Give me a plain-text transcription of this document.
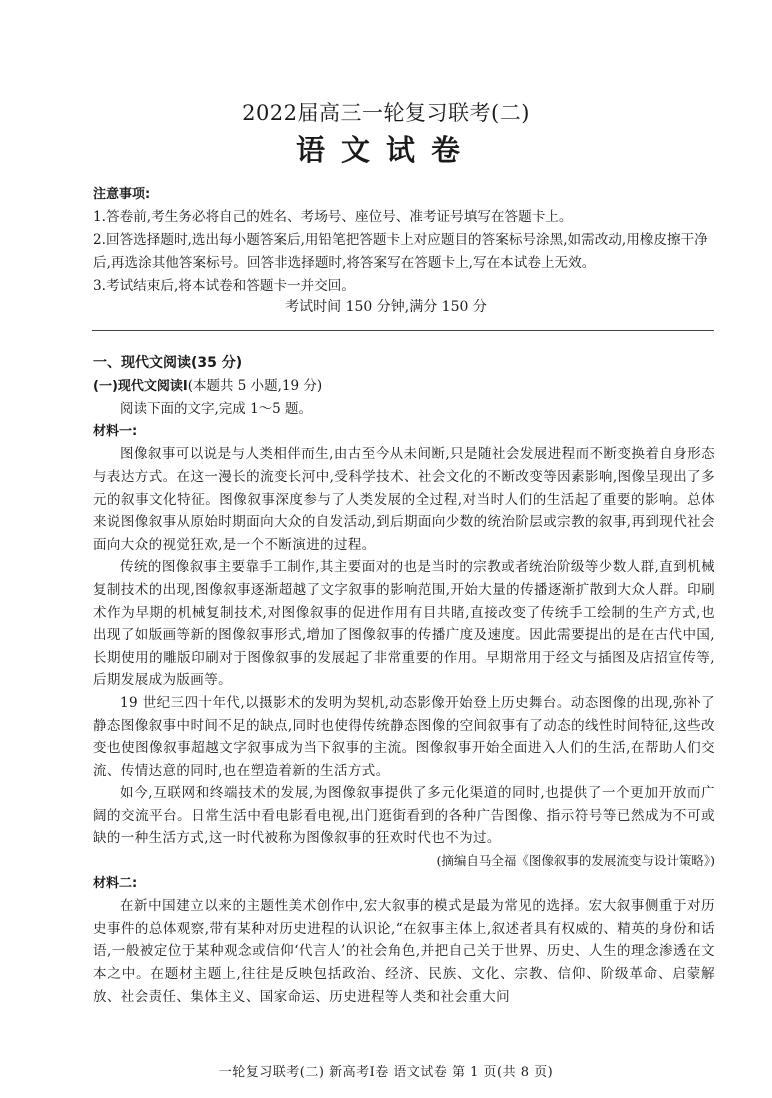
2022届高三一轮复习联考(二)
语文试卷

注意事项:

1.答卷前,考生务必将自己的姓名、考场号、座位号、准考证号填写在答题卡上。

2.回答选择题时,选出每小题答案后,用铅笔把答题卡上对应题目的答案标号涂黑,如需改动,用橡皮擦干净后,再选涂其他答案标号。回答非选择题时,将答案写在答题卡上,写在本试卷上无效。

3.考试结束后,将本试卷和答题卡一并交回。

考试时间 150 分钟,满分 150 分

一、现代文阅读(35 分)

(一)现代文阅读Ⅰ(本题共 5 小题,19 分)

阅读下面的文字,完成 1～5 题。

材料一:

图像叙事可以说是与人类相伴而生,由古至今从未间断,只是随社会发展进程而不断变换着自身形态与表达方式。在这一漫长的流变长河中,受科学技术、社会文化的不断改变等因素影响,图像呈现出了多元的叙事文化特征。图像叙事深度参与了人类发展的全过程,对当时人们的生活起了重要的影响。总体来说图像叙事从原始时期面向大众的自发活动,到后期面向少数的统治阶层或宗教的叙事,再到现代社会面向大众的视觉狂欢,是一个不断演进的过程。

传统的图像叙事主要靠手工制作,其主要面对的也是当时的宗教或者统治阶级等少数人群,直到机械复制技术的出现,图像叙事逐渐超越了文字叙事的影响范围,开始大量的传播逐渐扩散到大众人群。印刷术作为早期的机械复制技术,对图像叙事的促进作用有目共睹,直接改变了传统手工绘制的生产方式,也出现了如版画等新的图像叙事形式,增加了图像叙事的传播广度及速度。因此需要提出的是在古代中国,长期使用的雕版印刷对于图像叙事的发展起了非常重要的作用。早期常用于经文与插图及店招宣传等,后期发展成为版画等。

19 世纪三四十年代,以摄影术的发明为契机,动态影像开始登上历史舞台。动态图像的出现,弥补了静态图像叙事中时间不足的缺点,同时也使得传统静态图像的空间叙事有了动态的线性时间特征,这些改变也使图像叙事超越文字叙事成为当下叙事的主流。图像叙事开始全面进入人们的生活,在帮助人们交流、传情达意的同时,也在塑造着新的生活方式。

如今,互联网和终端技术的发展,为图像叙事提供了多元化渠道的同时,也提供了一个更加开放而广阔的交流平台。日常生活中看电影看电视,出门逛街看到的各种广告图像、指示符号等已然成为不可或缺的一种生活方式,这一时代被称为图像叙事的狂欢时代也不为过。

(摘编自马全福《图像叙事的发展流变与设计策略》)

材料二:

在新中国建立以来的主题性美术创作中,宏大叙事的模式是最为常见的选择。宏大叙事侧重于对历史事件的总体观察,带有某种对历史进程的认识论,“在叙事主体上,叙述者具有权威的、精英的身份和话语,一般被定位于某种观念或信仰‘代言人’的社会角色,并把自己关于世界、历史、人生的理念渗透在文本之中。在题材主题上,往往是反映包括政治、经济、民族、文化、宗教、信仰、阶级革命、启蒙解放、社会责任、集体主义、国家命运、历史进程等人类和社会重大问

一轮复习联考(二) 新高考Ⅰ卷 语文试卷 第 1 页(共 8 页)
